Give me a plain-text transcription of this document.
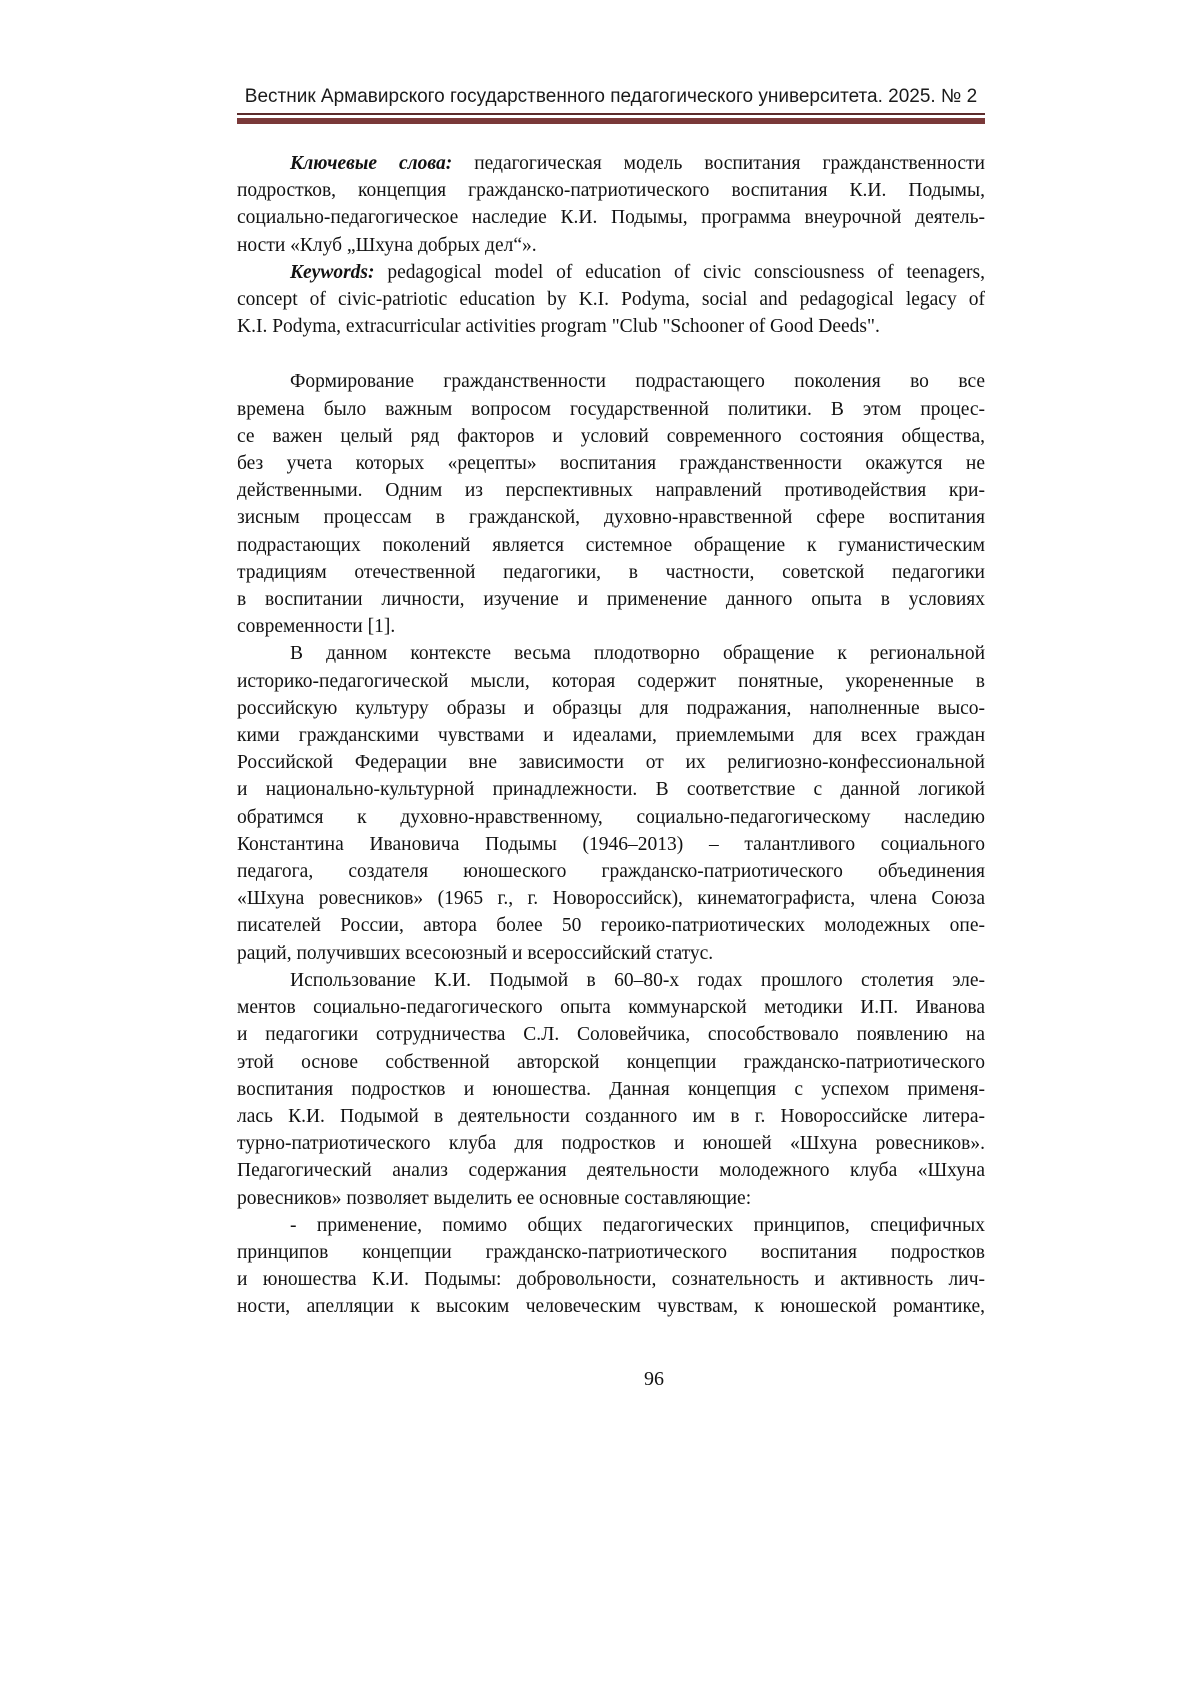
Вестник Армавирского государственного педагогического университета. 2025. № 2
Ключевые слова: педагогическая модель воспитания гражданственности
подростков, концепция гражданско-патриотического воспитания К.И. Подымы,
социально-педагогическое наследие К.И. Подымы, программа внеурочной деятель-
ности «Клуб „Шхуна добрых дел“».
Keywords: pedagogical model of education of civic consciousness of teenagers,
concept of civic-patriotic education by K.I. Podyma, social and pedagogical legacy of
K.I. Podyma, extracurricular activities program "Club "Schooner of Good Deeds".
Формирование гражданственности подрастающего поколения во все
времена было важным вопросом государственной политики. В этом процес-
се важен целый ряд факторов и условий современного состояния общества,
без учета которых «рецепты» воспитания гражданственности окажутся не
действенными. Одним из перспективных направлений противодействия кри-
зисным процессам в гражданской, духовно-нравственной сфере воспитания
подрастающих поколений является системное обращение к гуманистическим
традициям отечественной педагогики, в частности, советской педагогики
в воспитании личности, изучение и применение данного опыта в условиях
современности [1].
В данном контексте весьма плодотворно обращение к региональной
историко-педагогической мысли, которая содержит понятные, укорененные в
российскую культуру образы и образцы для подражания, наполненные высо-
кими гражданскими чувствами и идеалами, приемлемыми для всех граждан
Российской Федерации вне зависимости от их религиозно-конфессиональной
и национально-культурной принадлежности. В соответствие с данной логикой
обратимся к духовно-нравственному, социально-педагогическому наследию
Константина Ивановича Подымы (1946–2013) – талантливого социального
педагога, создателя юношеского гражданско-патриотического объединения
«Шхуна ровесников» (1965 г., г. Новороссийск), кинематографиста, члена Союза
писателей России, автора более 50 героико-патриотических молодежных опе-
раций, получивших всесоюзный и всероссийский статус.
Использование К.И. Подымой в 60–80-х годах прошлого столетия эле-
ментов социально-педагогического опыта коммунарской методики И.П. Иванова
и педагогики сотрудничества С.Л. Соловейчика, способствовало появлению на
этой основе собственной авторской концепции гражданско-патриотического
воспитания подростков и юношества. Данная концепция с успехом применя-
лась К.И. Подымой в деятельности созданного им в г. Новороссийске литера-
турно-патриотического клуба для подростков и юношей «Шхуна ровесников».
Педагогический анализ содержания деятельности молодежного клуба «Шхуна
ровесников» позволяет выделить ее основные составляющие:
- применение, помимо общих педагогических принципов, специфичных
принципов концепции гражданско-патриотического воспитания подростков
и юношества К.И. Подымы: добровольности, сознательность и активность лич-
ности, апелляции к высоким человеческим чувствам, к юношеской романтике,
96
